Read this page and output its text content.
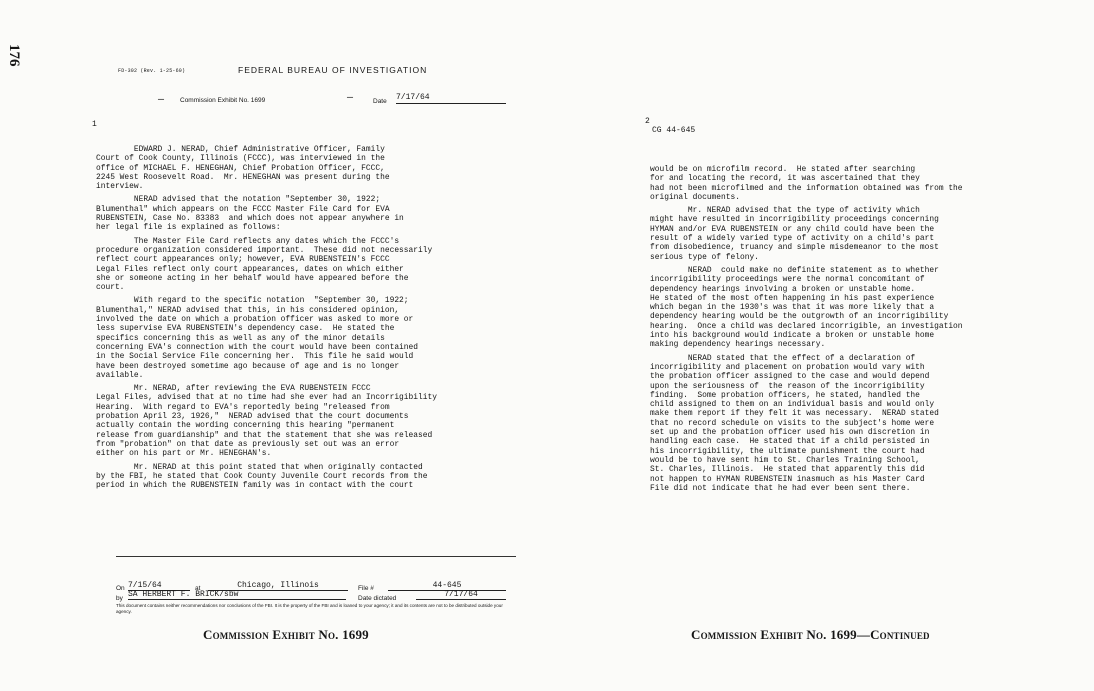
176
FD-302 (Rev. 1-25-60)	FEDERAL BUREAU OF INVESTIGATION
— Commission Exhibit No. 1699	—	Date 7/17/64
1
EDWARD J. NERAD, Chief Administrative Officer, Family
Court of Cook County, Illinois (FCCC), was interviewed in the
office of MICHAEL F. HENEGHAN, Chief Probation Officer, FCCC,
2245 West Roosevelt Road.  Mr. HENEGHAN was present during the
interview.

NERAD advised that the notation "September 30, 1922;
Blumenthal" which appears on the FCCC Master File Card for EVA
RUBENSTEIN, Case No. 83383  and which does not appear anywhere in
her legal file is explained as follows:

The Master File Card reflects any dates which the FCCC's
procedure organization considered important.  These did not necessarily
reflect court appearances only; however, EVA RUBENSTEIN's FCCC
Legal Files reflect only court appearances, dates on which either
she or someone acting in her behalf would have appeared before the
court.

With regard to the specific notation  "September 30, 1922;
Blumenthal," NERAD advised that this, in his considered opinion,
involved the date on which a probation officer was asked to more or
less supervise EVA RUBENSTEIN's dependency case.  He stated the
specifics concerning this as well as any of the minor details
concerning EVA's connection with the court would have been contained
in the Social Service File concerning her.  This file he said would
have been destroyed sometime ago because of age and is no longer
available.

Mr. NERAD, after reviewing the EVA RUBENSTEIN FCCC
Legal Files, advised that at no time had she ever had an Incorrigibility
Hearing.  With regard to EVA's reportedly being "released from
probation April 23, 1926,"  NERAD advised that the court documents
actually contain the wording concerning this hearing "permanent
release from guardianship" and that the statement that she was released
from "probation" on that date as previously set out was an error
either on his part or Mr. HENEGHAN's.

Mr. NERAD at this point stated that when originally contacted
by the FBI, he stated that Cook County Juvenile Court records from the
period in which the RUBENSTEIN family was in contact with the court
On 7/15/64	at	Chicago, Illinois	File #	44-645
by SA HERBERT F. BRICK/sbw	Date dictated	7/17/64
This document contains neither recommendations nor conclusions of the FBI. It is the property of the FBI and is loaned to your agency; it and its contents are not to be distributed outside your agency.
Commission Exhibit No. 1699
2
CG 44-645
would be on microfilm record.  He stated after searching
for and locating the record, it was ascertained that they
had not been microfilmed and the information obtained was from the
original documents.

Mr. NERAD advised that the type of activity which
might have resulted in incorrigibility proceedings concerning
HYMAN and/or EVA RUBENSTEIN or any child could have been the
result of a widely varied type of activity on a child's part
from disobedience, truancy and simple misdemeanor to the most
serious type of felony.

NERAD  could make no definite statement as to whether
incorrigibility proceedings were the normal concomitant of
dependency hearings involving a broken or unstable home.
He stated of the most often happening in his past experience
which began in the 1930's was that it was more likely that a
dependency hearing would be the outgrowth of an incorrigibility
hearing.  Once a child was declared incorrigible, an investigation
into his background would indicate a broken or unstable home
making dependency hearings necessary.

NERAD stated that the effect of a declaration of
incorrigibility and placement on probation would vary with
the probation officer assigned to the case and would depend
upon the seriousness of  the reason of the incorrigibility
finding.  Some probation officers, he stated, handled the
child assigned to them on an individual basis and would only
make them report if they felt it was necessary.  NERAD stated
that no record schedule on visits to the subject's home were
set up and the probation officer used his own discretion in
handling each case.  He stated that if a child persisted in
his incorrigibility, the ultimate punishment the court had
would be to have sent him to St. Charles Training School,
St. Charles, Illinois.  He stated that apparently this did
not happen to HYMAN RUBENSTEIN inasmuch as his Master Card
File did not indicate that he had ever been sent there.
Commission Exhibit No. 1699—Continued
